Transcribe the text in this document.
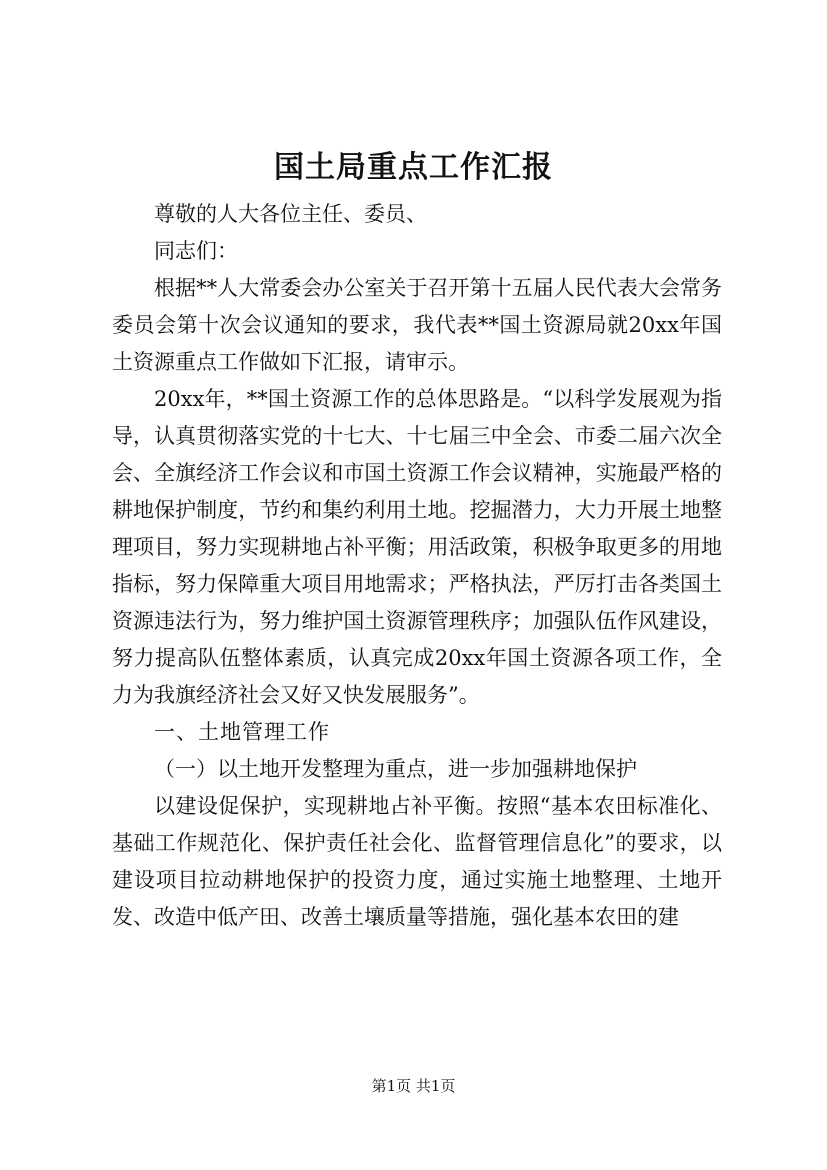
国土局重点工作汇报

尊敬的人大各位主任、委员、

同志们：

根据**人大常委会办公室关于召开第十五届人民代表大会常务委员会第十次会议通知的要求，我代表**国土资源局就20xx年国土资源重点工作做如下汇报，请审示。

20xx年，**国土资源工作的总体思路是。“以科学发展观为指导，认真贯彻落实党的十七大、十七届三中全会、市委二届六次全会、全旗经济工作会议和市国土资源工作会议精神，实施最严格的耕地保护制度，节约和集约利用土地。挖掘潜力，大力开展土地整理项目，努力实现耕地占补平衡；用活政策，积极争取更多的用地指标，努力保障重大项目用地需求；严格执法，严厉打击各类国土资源违法行为，努力维护国土资源管理秩序；加强队伍作风建设，努力提高队伍整体素质，认真完成20xx年国土资源各项工作，全力为我旗经济社会又好又快发展服务”。

一、土地管理工作

（一）以土地开发整理为重点，进一步加强耕地保护

以建设促保护，实现耕地占补平衡。按照“基本农田标准化、基础工作规范化、保护责任社会化、监督管理信息化”的要求，以建设项目拉动耕地保护的投资力度，通过实施土地整理、土地开发、改造中低产田、改善土壤质量等措施，强化基本农田的建

第1页 共1页
